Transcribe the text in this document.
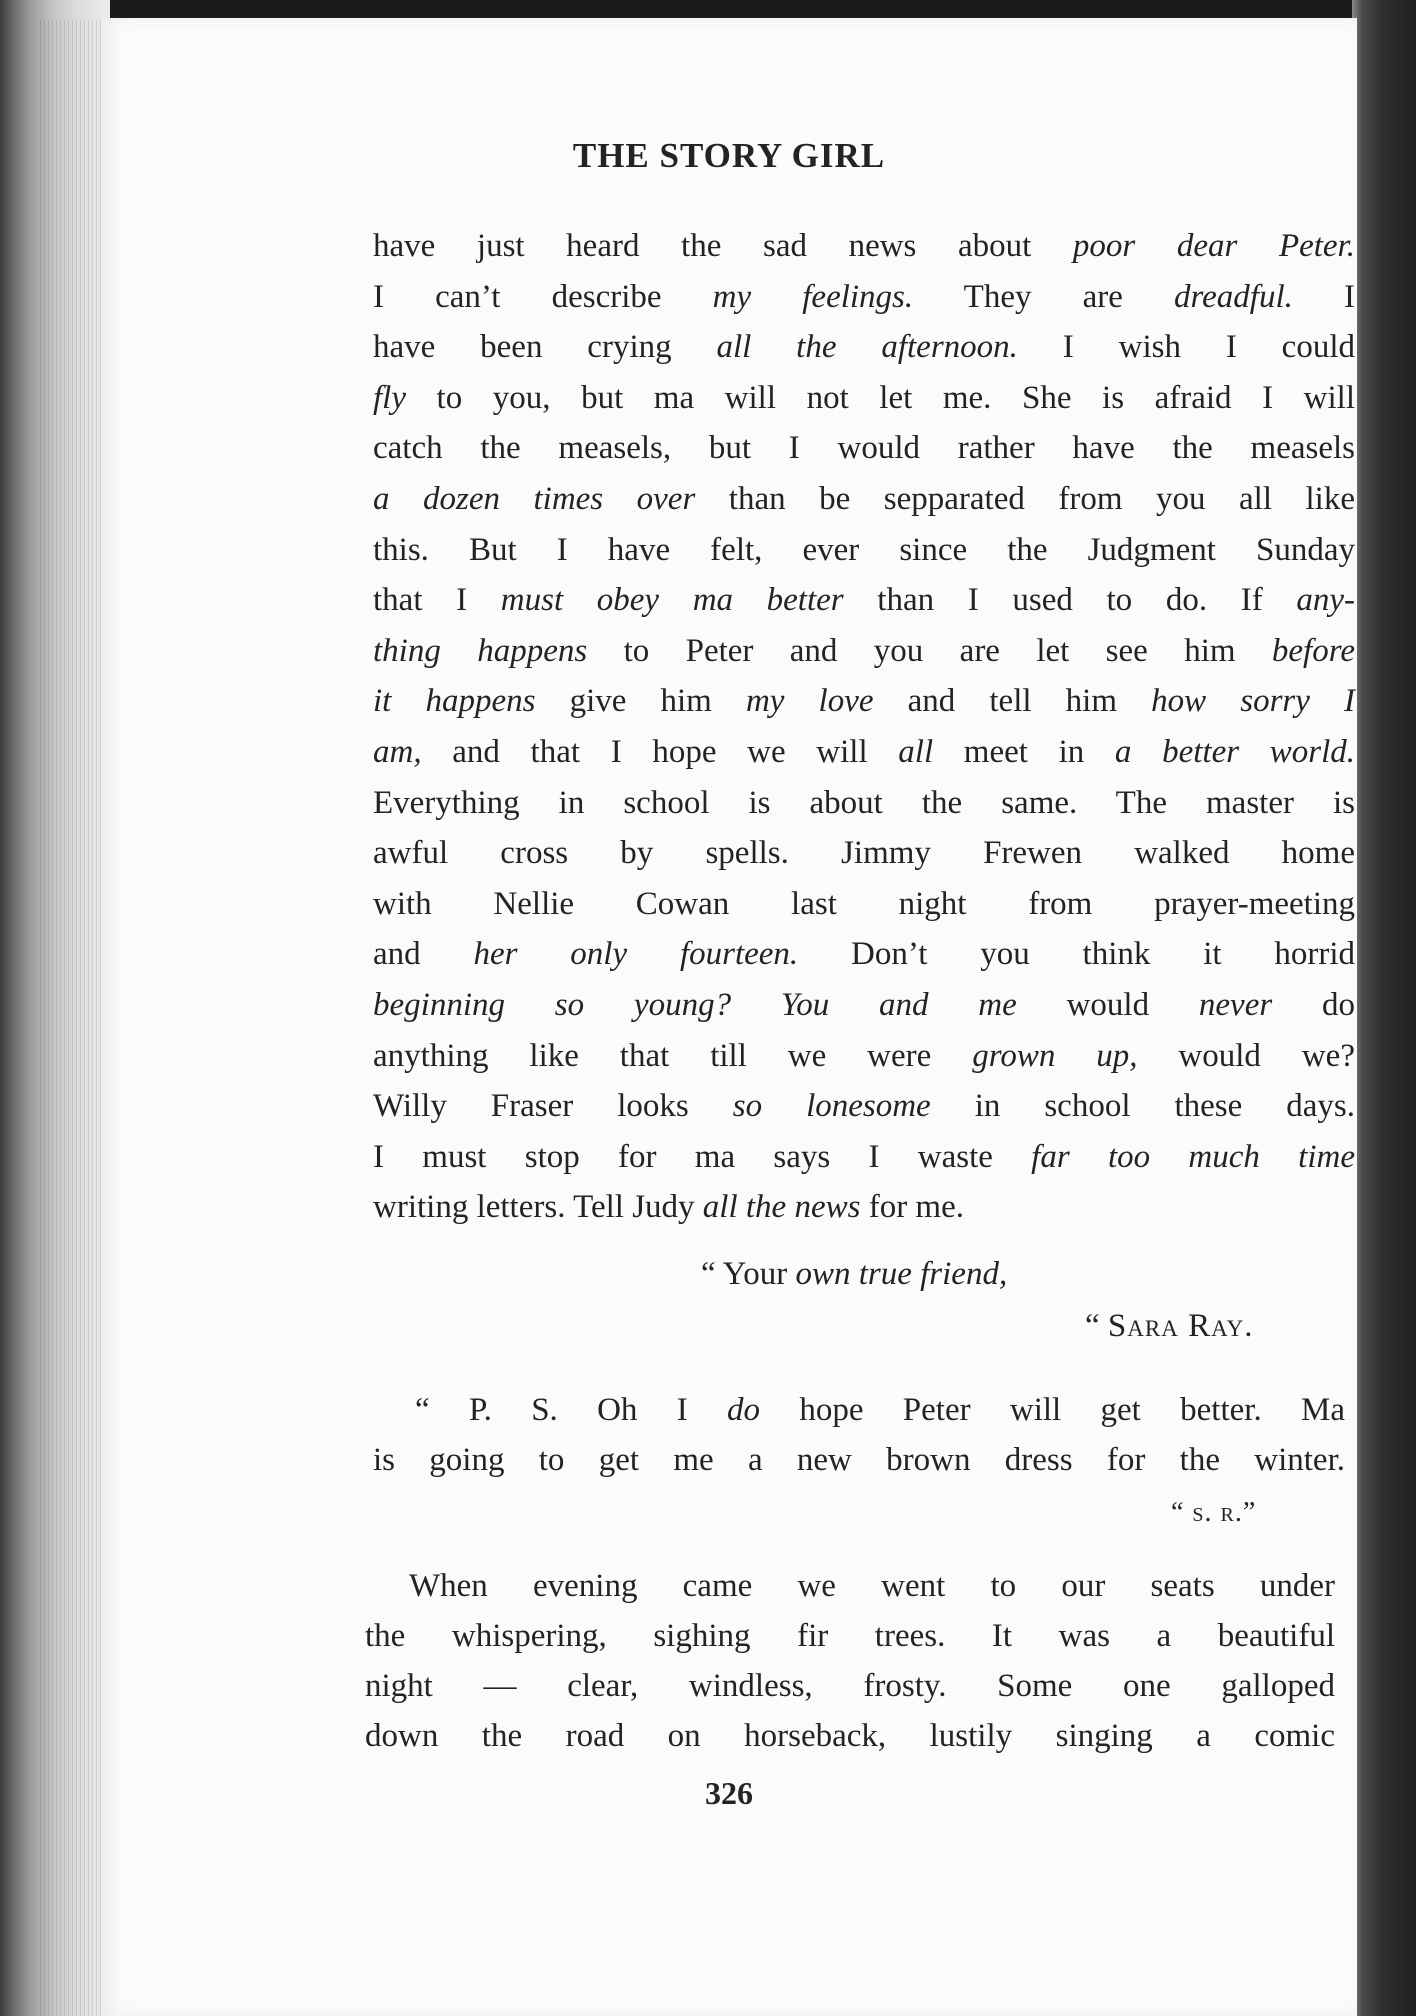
THE STORY GIRL
have just heard the sad news about poor dear Peter.
I can’t describe my feelings. They are dreadful. I
have been crying all the afternoon. I wish I could
fly to you, but ma will not let me. She is afraid I will
catch the measels, but I would rather have the measels
a dozen times over than be sepparated from you all like
this. But I have felt, ever since the Judgment Sunday
that I must obey ma better than I used to do. If any-
thing happens to Peter and you are let see him before
it happens give him my love and tell him how sorry I
am, and that I hope we will all meet in a better world.
Everything in school is about the same. The master is
awful cross by spells. Jimmy Frewen walked home
with Nellie Cowan last night from prayer-meeting
and her only fourteen. Don’t you think it horrid
beginning so young? You and me would never do
anything like that till we were grown up, would we?
Willy Fraser looks so lonesome in school these days.
I must stop for ma says I waste far too much time
writing letters. Tell Judy all the news for me.
“ Your own true friend,
“ Sara Ray.
“ P. S. Oh I do hope Peter will get better. Ma
is going to get me a new brown dress for the winter.
“ s. r.”
When evening came we went to our seats under
the whispering, sighing fir trees. It was a beautiful
night — clear, windless, frosty. Some one galloped
down the road on horseback, lustily singing a comic
326
